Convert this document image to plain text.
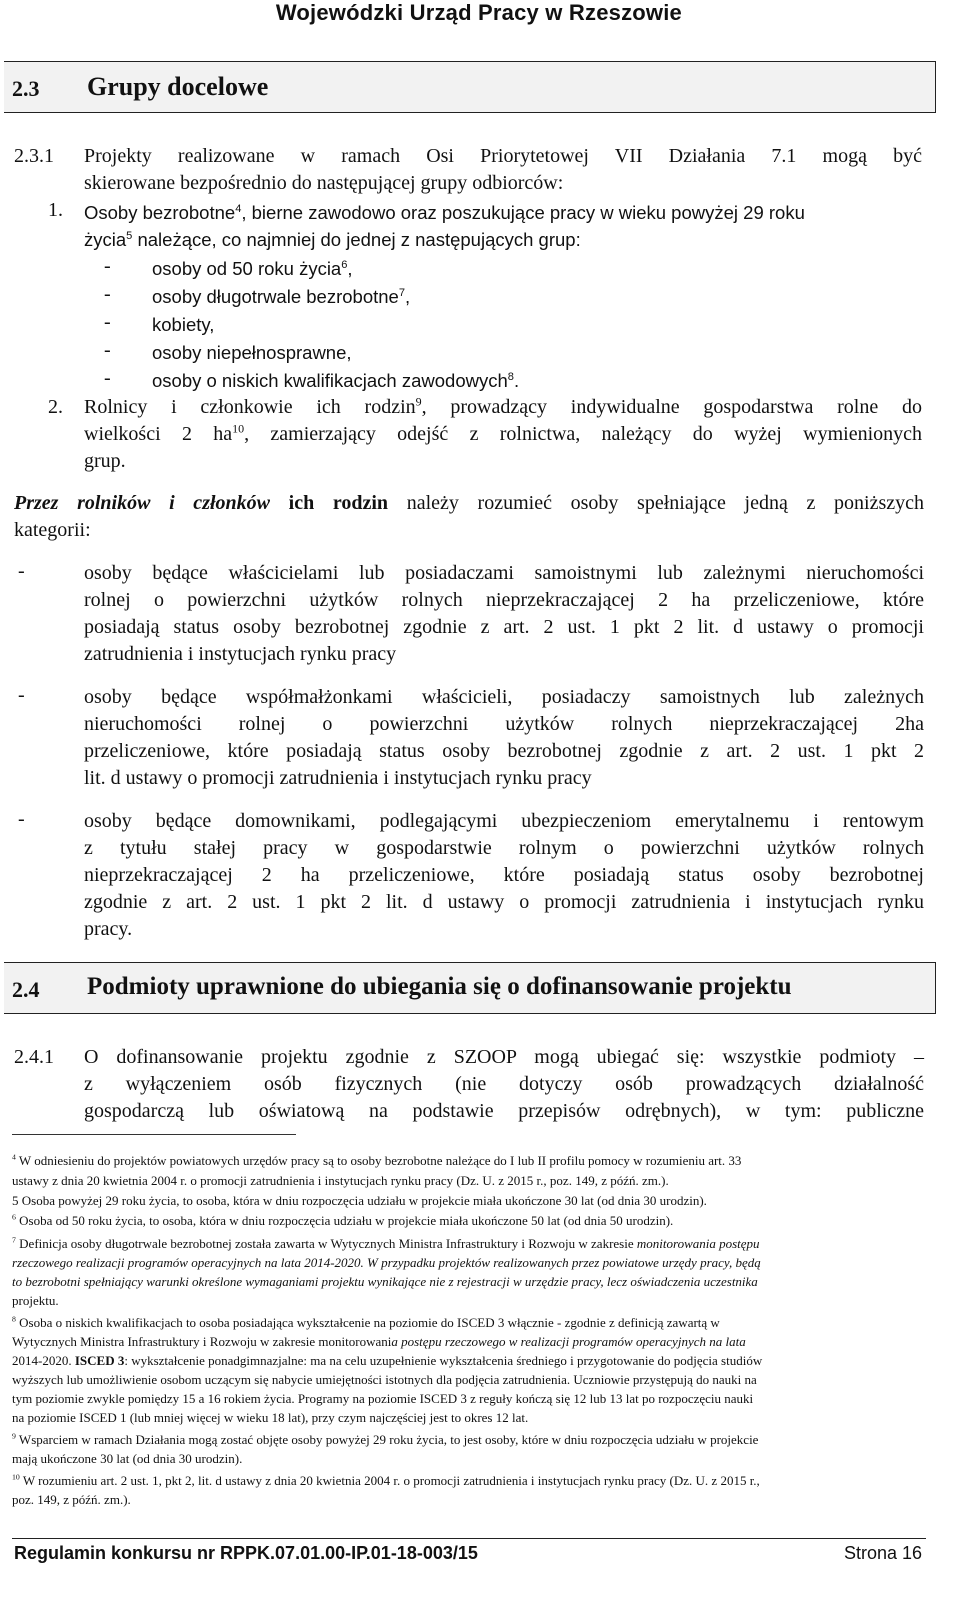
Wojewódzki Urząd Pracy w Rzeszowie
2.3 Grupy docelowe
2.3.1 Projekty realizowane w ramach Osi Priorytetowej VII Działania 7.1 mogą być
skierowane bezpośrednio do następującej grupy odbiorców:
1. Osoby bezrobotne$^4$, bierne zawodowo oraz poszukujące pracy w wieku powyżej 29 roku
życia$^5$ należące, co najmniej do jednej z następujących grup:
- osoby od 50 roku życia$^6$,
- osoby długotrwale bezrobotne$^7$,
- kobiety,
- osoby niepełnosprawne,
- osoby o niskich kwalifikacjach zawodowych$^8$.
2. Rolnicy i członkowie ich rodzin$^9$, prowadzący indywidualne gospodarstwa rolne do
wielkości 2 $ha^{10}$, zamierzający odejść z rolnictwa, należący do wyżej wymienionych
grup.
Przez rolników i członków ich rodzin należy rozumieć osoby spełniające jedną z poniższych
kategorii:
-	osoby będące właścicielami lub posiadaczami samoistnymi lub zależnymi nieruchomości
rolnej o powierzchni użytków rolnych nieprzekraczającej 2 ha przeliczeniowe, które
posiadają status osoby bezrobotnej zgodnie z art. 2 ust. 1 pkt 2 lit. d ustawy o promocji
zatrudnienia i instytucjach rynku pracy
-	osoby będące współmałżonkami właścicieli, posiadaczy samoistnych lub zależnych
nieruchomości rolnej o powierzchni użytków rolnych nieprzekraczającej 2ha
przeliczeniowe, które posiadają status osoby bezrobotnej zgodnie z art. 2 ust. 1 pkt 2
lit. d ustawy o promocji zatrudnienia i instytucjach rynku pracy
-	osoby będące domownikami, podlegającymi ubezpieczeniom emerytalnemu i rentowym
z tytułu stałej pracy w gospodarstwie rolnym o powierzchni użytków rolnych
nieprzekraczającej 2 ha przeliczeniowe, które posiadają status osoby bezrobotnej
zgodnie z art. 2 ust. 1 pkt 2 lit. d ustawy o promocji zatrudnienia i instytucjach rynku
pracy.
2.4 Podmioty uprawnione do ubiegania się o dofinansowanie projektu
2.4.1 O dofinansowanie projektu zgodnie z SZOOP mogą ubiegać się: wszystkie podmioty –
z wyłączeniem osób fizycznych (nie dotyczy osób prowadzących działalność
gospodarczą lub oświatową na podstawie przepisów odrębnych), w tym: publiczne
$^4$ W odniesieniu do projektów powiatowych urzędów pracy są to osoby bezrobotne należące do I lub II profilu pomocy w rozumieniu art. 33
ustawy z dnia 20 kwietnia 2004 r. o promocji zatrudnienia i instytucjach rynku pracy (Dz. U. z 2015 r., poz. 149, z późń. zm.).
5 Osoba powyżej 29 roku życia, to osoba, która w dniu rozpoczęcia udziału w projekcie miała ukończone 30 lat (od dnia 30 urodzin).
$^6$ Osoba od 50 roku życia, to osoba, która w dniu rozpoczęcia udziału w projekcie miała ukończone 50 lat (od dnia 50 urodzin).
$^7$ Definicja osoby długotrwale bezrobotnej została zawarta w Wytycznych Ministra Infrastruktury i Rozwoju w zakresie monitorowania postępu
rzeczowego realizacji programów operacyjnych na lata 2014-2020. W przypadku projektów realizowanych przez powiatowe urzędy pracy, będą
to bezrobotni spełniający warunki określone wymaganiami projektu wynikające nie z rejestracji w urzędzie pracy, lecz oświadczenia uczestnika
projektu.
$^8$ Osoba o niskich kwalifikacjach to osoba posiadająca wykształcenie na poziomie do ISCED 3 włącznie - zgodnie z definicją zawartą w
Wytycznych Ministra Infrastruktury i Rozwoju w zakresie monitorowania postępu rzeczowego w realizacji programów operacyjnych na lata
2014-2020. ISCED 3: wykształcenie ponadgimnazjalne: ma na celu uzupełnienie wykształcenia średniego i przygotowanie do podjęcia studiów
wyższych lub umożliwienie osobom uczącym się nabycie umiejętności istotnych dla podjęcia zatrudnienia. Uczniowie przystępują do nauki na
tym poziomie zwykle pomiędzy 15 a 16 rokiem życia. Programy na poziomie ISCED 3 z reguły kończą się 12 lub 13 lat po rozpoczęciu nauki
na poziomie ISCED 1 (lub mniej więcej w wieku 18 lat), przy czym najczęściej jest to okres 12 lat.
$^9$ Wsparciem w ramach Działania mogą zostać objęte osoby powyżej 29 roku życia, to jest osoby, które w dniu rozpoczęcia udziału w projekcie
mają ukończone 30 lat (od dnia 30 urodzin).
$^{10}$ W rozumieniu art. 2 ust. 1, pkt 2, lit. d ustawy z dnia 20 kwietnia 2004 r. o promocji zatrudnienia i instytucjach rynku pracy (Dz. U. z 2015 r.,
poz. 149, z późń. zm.).
Regulamin konkursu nr RPPK.07.01.00-IP.01-18-003/15	Strona 16
